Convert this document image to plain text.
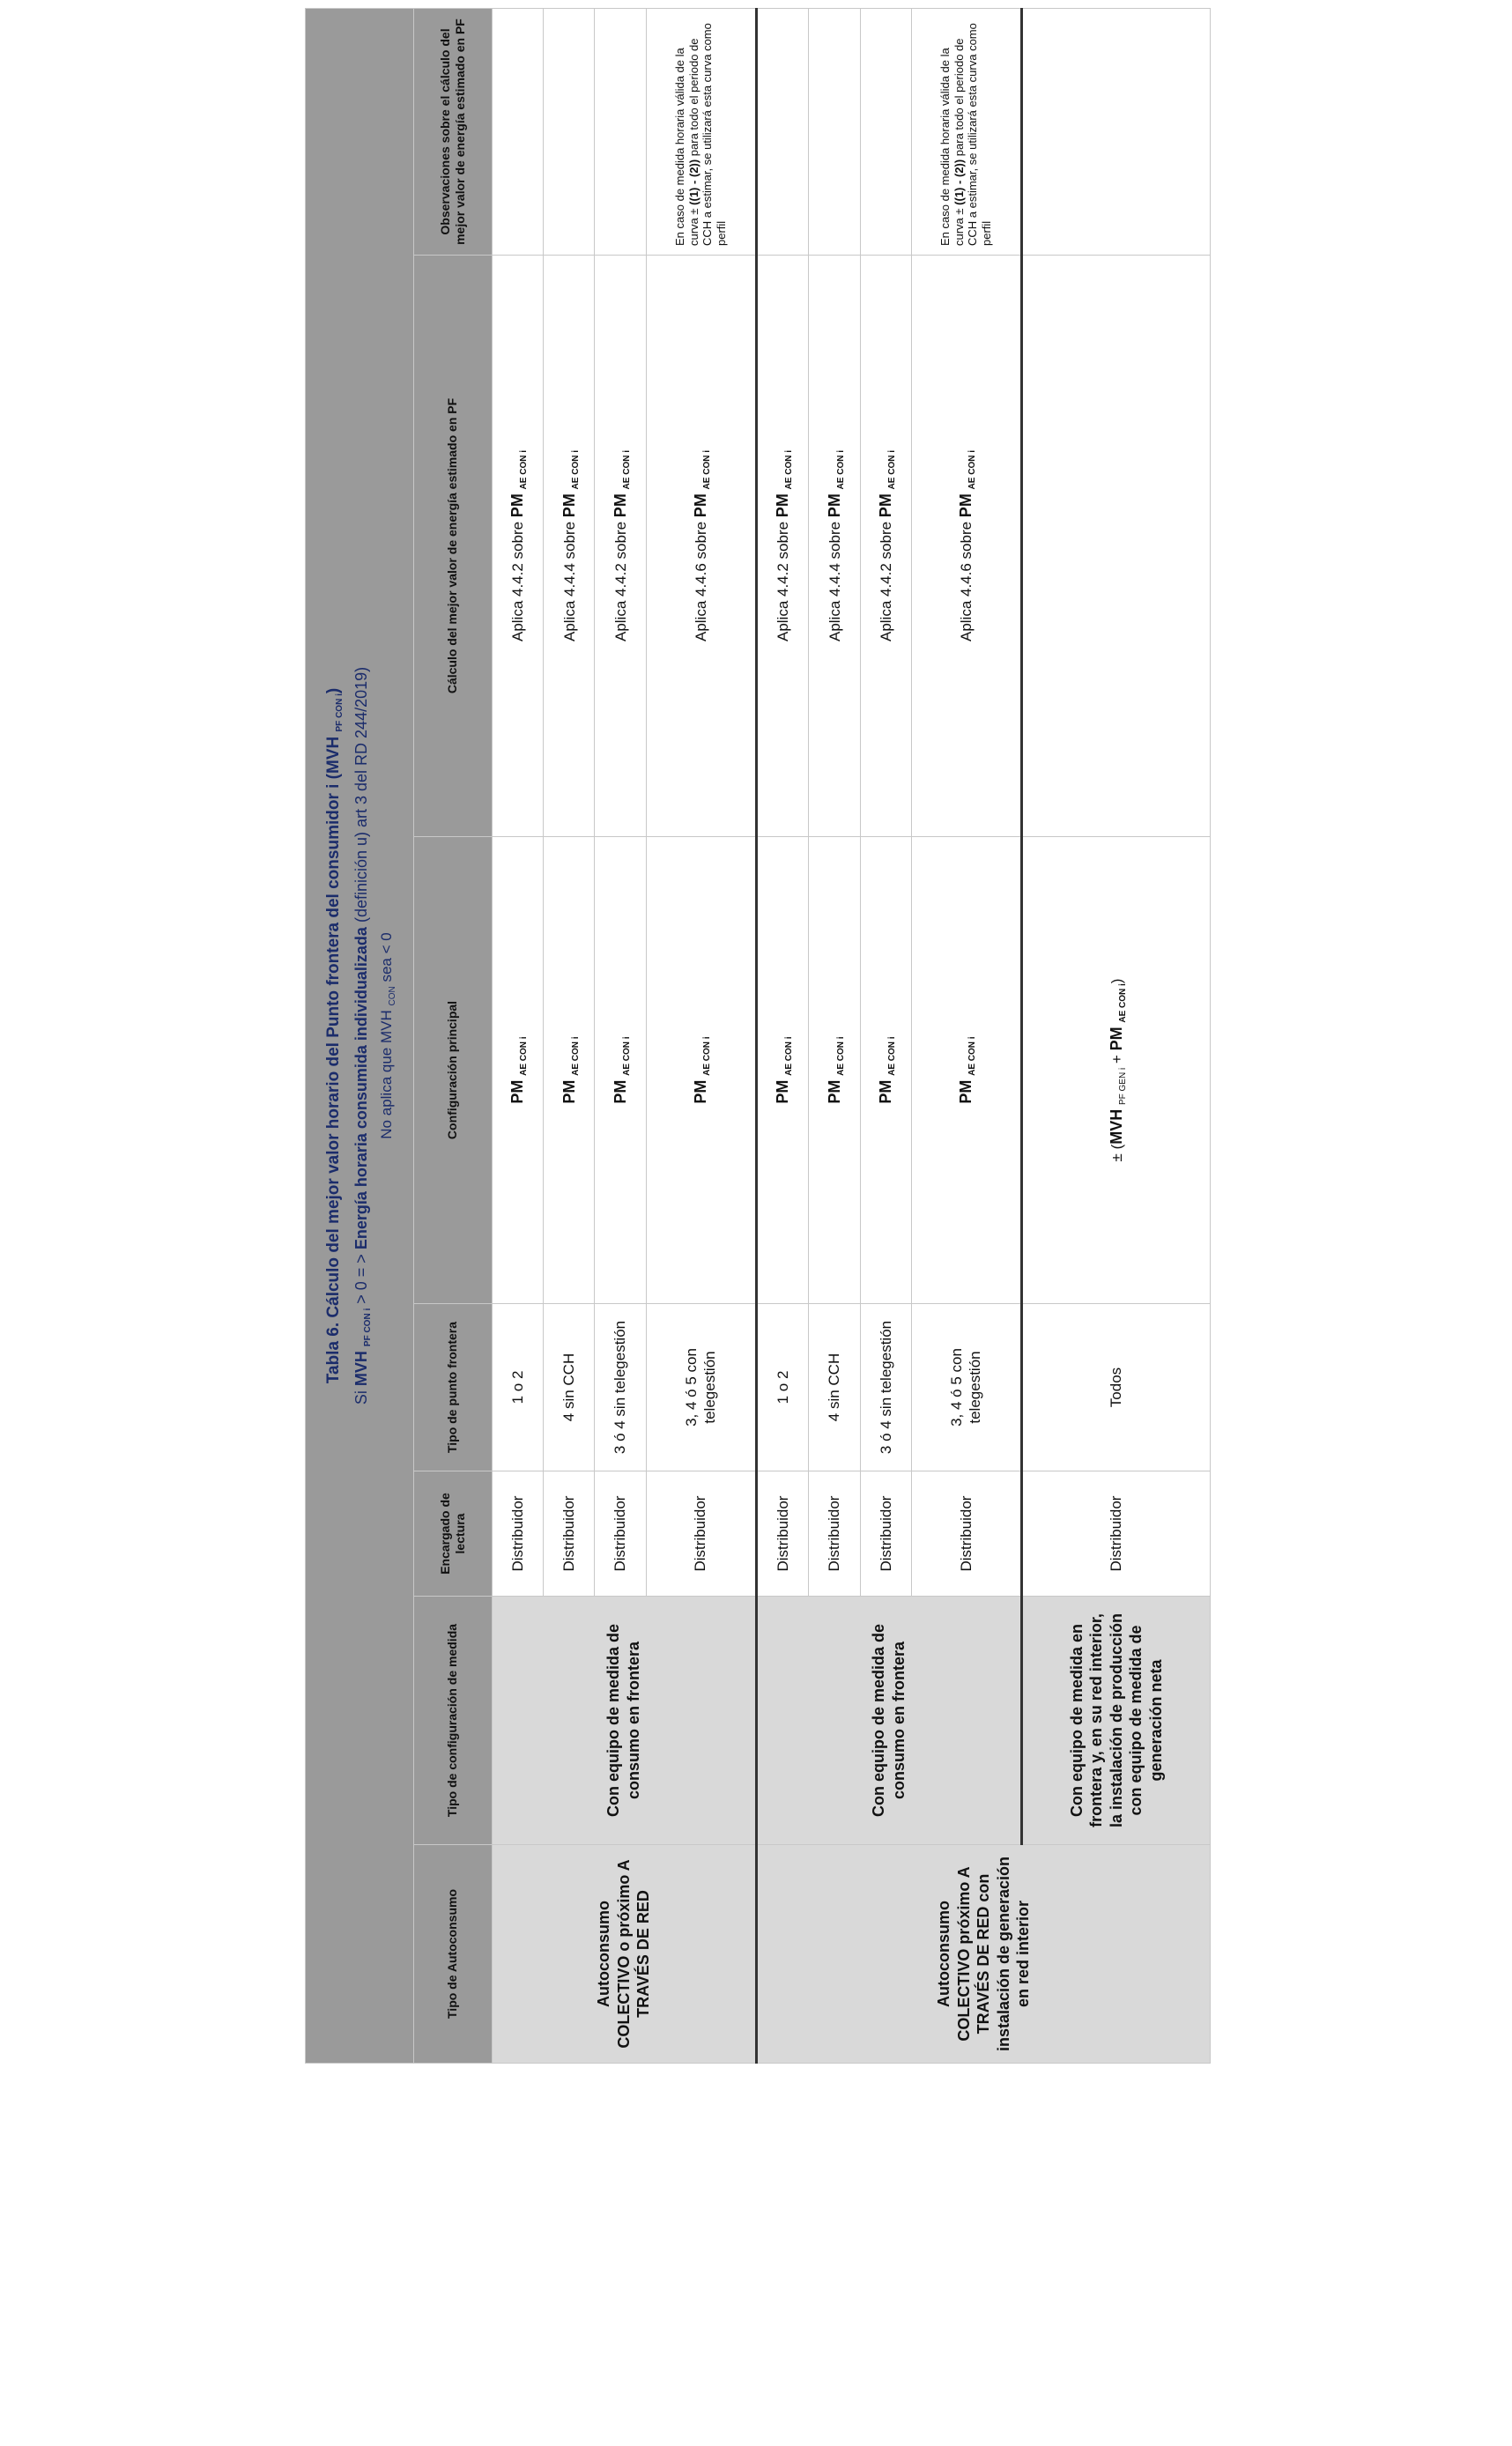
Tabla 6. Cálculo del mejor valor horario del Punto frontera del consumidor i (MVH $_{PF CON i}$)
Si MVH $_{PF CON i}$ > 0 = > Energía horaria consumida individualizada (definición u) art 3 del RD 244/2019)
No aplica que MVH $_{CON}$ sea < 0						

Tipo de Autoconsumo	Tipo de configuración de medida	Encargado de lectura	Tipo de punto frontera	Configuración principal	Cálculo del mejor valor de energía estimado en PF	Observaciones sobre el cálculo del mejor valor de energía estimado en PF
Autoconsumo COLECTIVO o próximo A TRAVÉS DE RED	Con equipo de medida de consumo en frontera	Distribuidor	1 o 2	PM $_{AE CON i}$	Aplica 4.4.2 sobre PM $_{AE CON i}$	
		Distribuidor	4 sin CCH	PM $_{AE CON i}$	Aplica 4.4.4 sobre PM $_{AE CON i}$	
		Distribuidor	3 ó 4 sin telegestión	PM $_{AE CON i}$	Aplica 4.4.2 sobre PM $_{AE CON i}$	
		Distribuidor	3, 4 ó 5 con telegestión	PM $_{AE CON i}$	Aplica 4.4.6 sobre PM $_{AE CON i}$	En caso de medida horaria válida de la curva ± ((1) - (2)) para todo el periodo de CCH a estimar, se utilizará esta curva como perfil
Autoconsumo COLECTIVO próximo A TRAVÉS DE RED con instalación de generación en red interior	Con equipo de medida de consumo en frontera	Distribuidor	1 o 2	PM $_{AE CON i}$	Aplica 4.4.2 sobre PM $_{AE CON i}$	
		Distribuidor	4 sin CCH	PM $_{AE CON i}$	Aplica 4.4.4 sobre PM $_{AE CON i}$	
		Distribuidor	3 ó 4 sin telegestión	PM $_{AE CON i}$	Aplica 4.4.2 sobre PM $_{AE CON i}$	
		Distribuidor	3, 4 ó 5 con telegestión	PM $_{AE CON i}$	Aplica 4.4.6 sobre PM $_{AE CON i}$	En caso de medida horaria válida de la curva ± ((1) - (2)) para todo el periodo de CCH a estimar, se utilizará esta curva como perfil
	Con equipo de medida en frontera y, en su red interior, la instalación de producción con equipo de medida de generación neta	Distribuidor	Todos	± (MVH $_{PF GEN i}$ + PM $_{AE CON i}$)		
